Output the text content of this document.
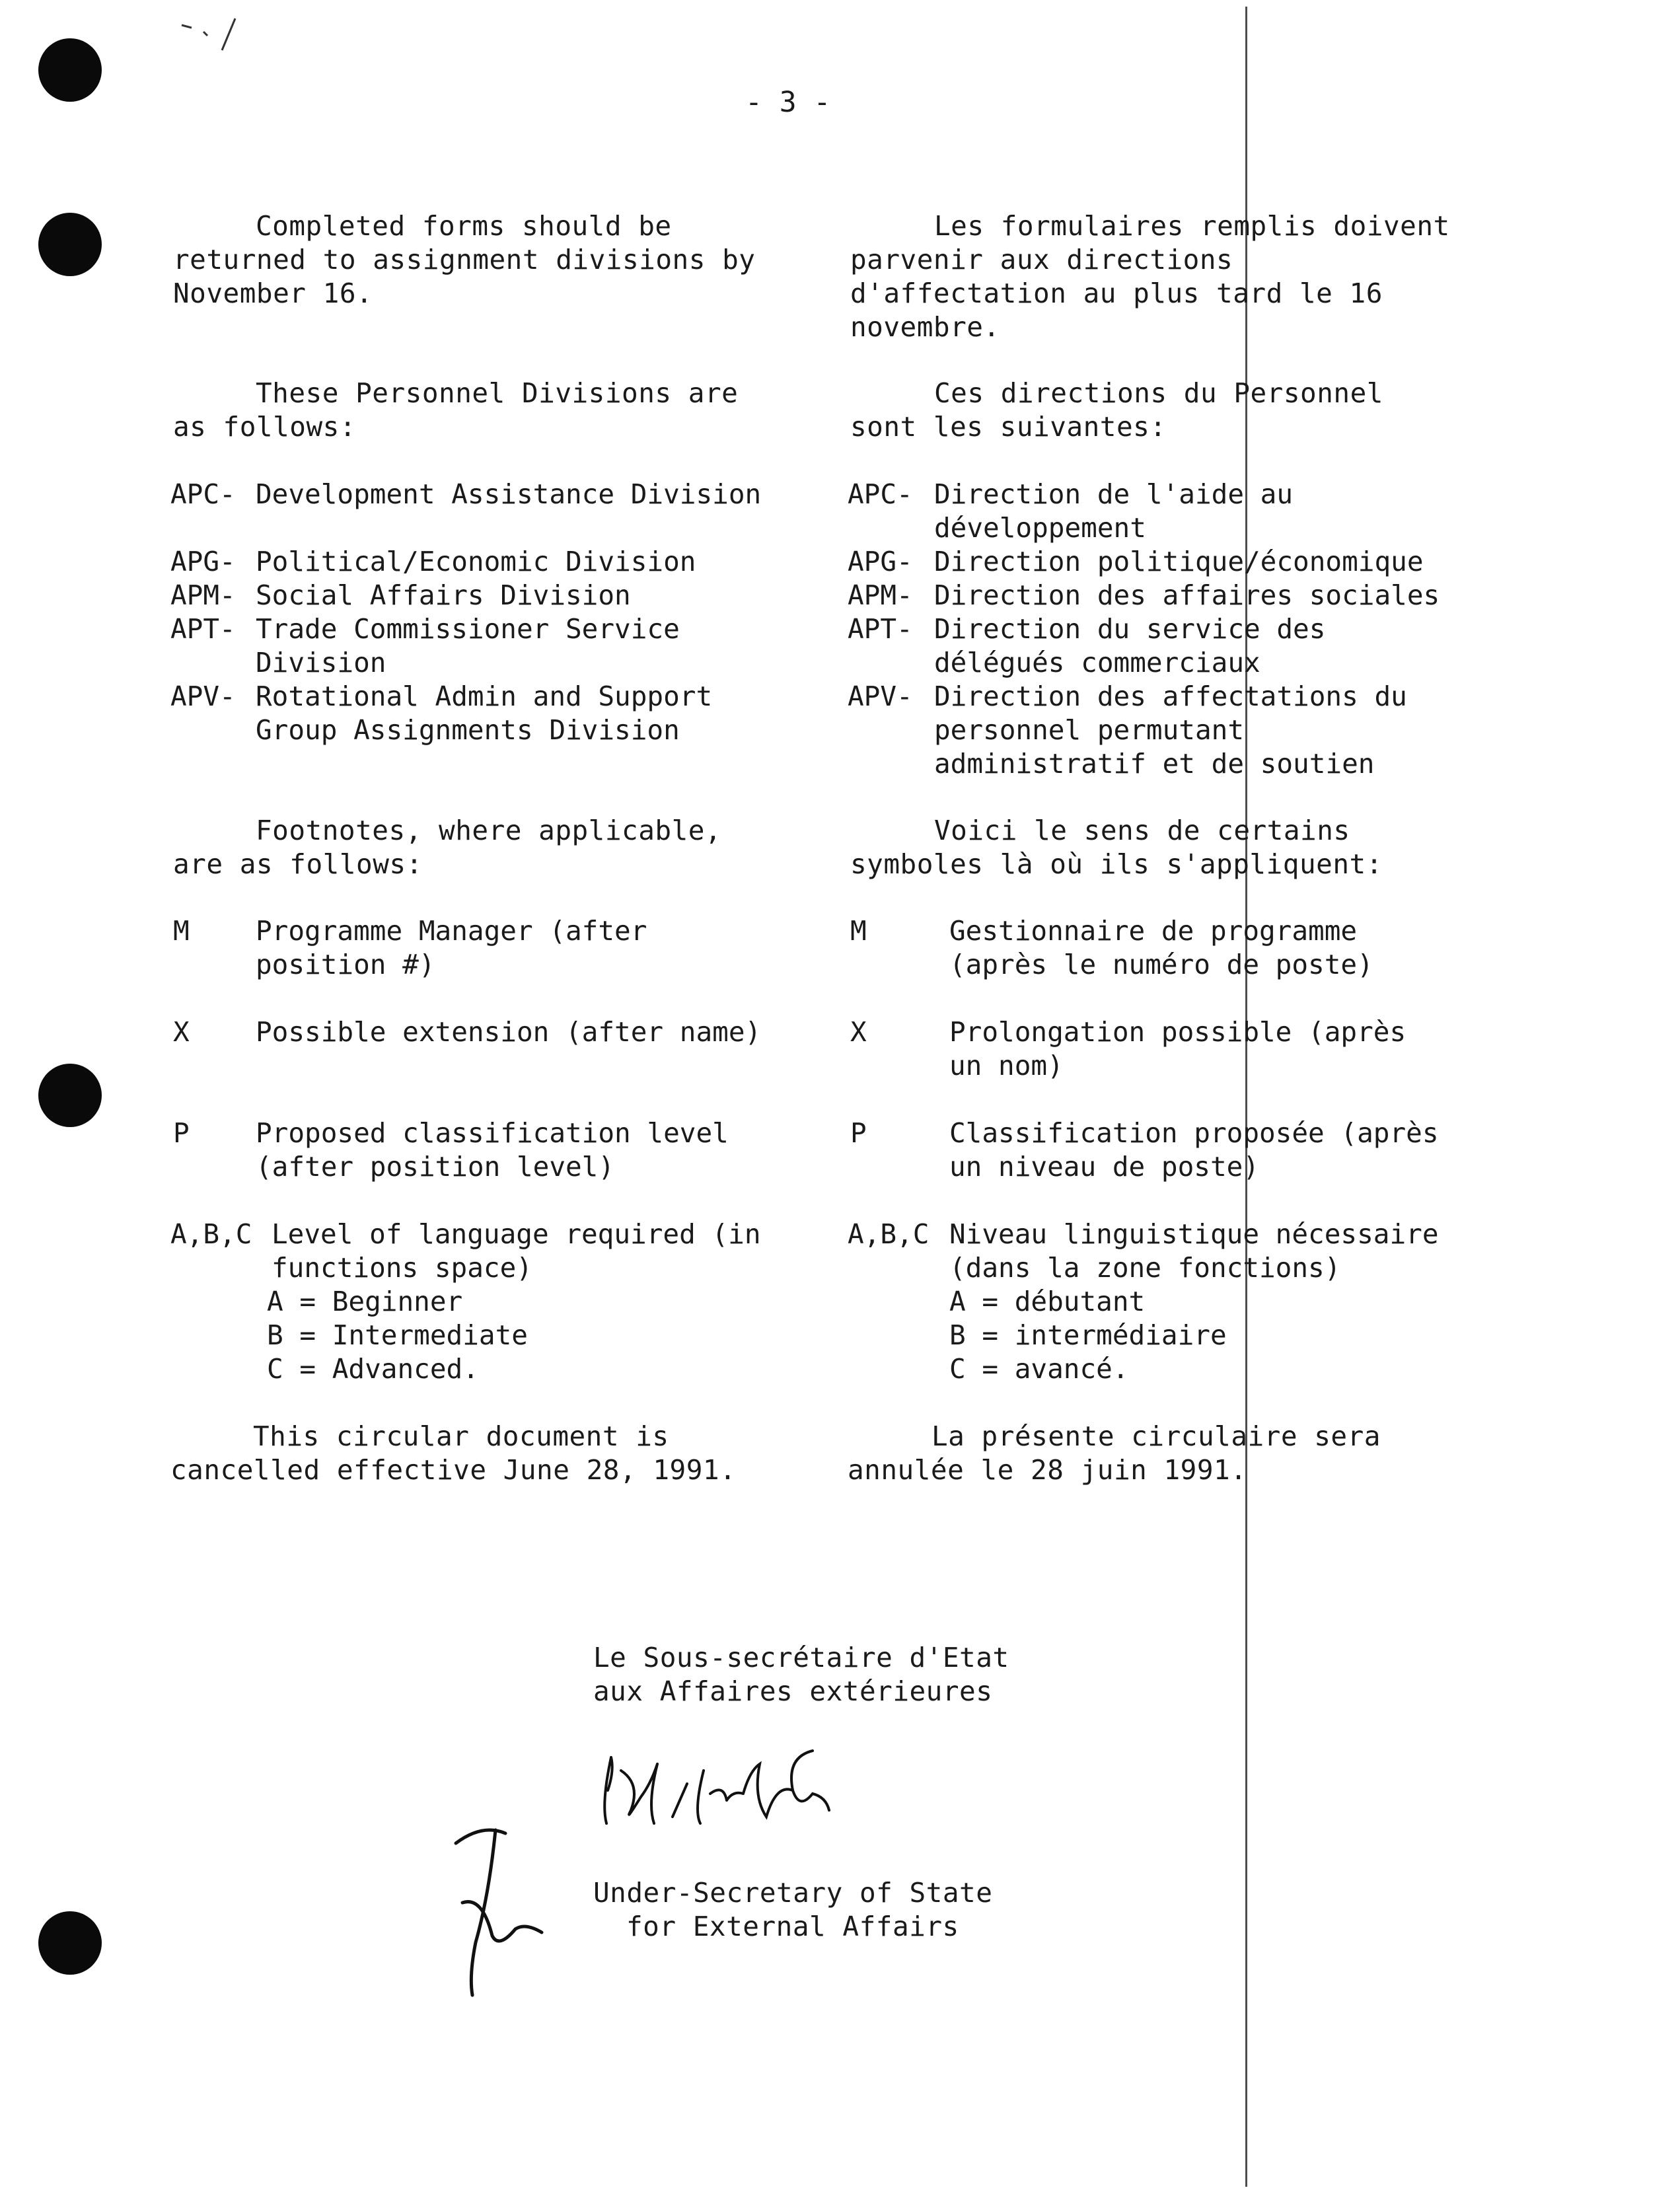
- 3 -
Completed forms should be
returned to assignment divisions by
November 16.
These Personnel Divisions are
as follows:
APC- Development Assistance Division
APG- Political/Economic Division
APM- Social Affairs Division
APT- Trade Commissioner Service
Division
APV- Rotational Admin and Support
Group Assignments Division
Footnotes, where applicable,
are as follows:
M Programme Manager (after
position #)
X Possible extension (after name)
P Proposed classification level
(after position level)
A,B,C Level of language required (in
functions space)
A = Beginner
B = Intermediate
C = Advanced.
This circular document is
cancelled effective June 28, 1991.
Les formulaires remplis doivent
parvenir aux directions
d'affectation au plus tard le 16
novembre.
Ces directions du Personnel
sont les suivantes:
APC- Direction de l'aide au
développement
APG- Direction politique/économique
APM- Direction des affaires sociales
APT- Direction du service des
délégués commerciaux
APV- Direction des affectations du
personnel permutant
administratif et de soutien
Voici le sens de certains
symboles là où ils s'appliquent:
M	Gestionnaire de programme
(après le numéro de poste)
X	Prolongation possible (après
un nom)
P	Classification proposée (après
un niveau de poste)
A,B,C Niveau linguistique nécessaire
(dans la zone fonctions)
A = débutant
B = intermédiaire
C = avancé.
La présente circulaire sera
annulée le 28 juin 1991.
Le Sous-secrétaire d'Etat
aux Affaires extérieures
Under-Secretary of State
for External Affairs
